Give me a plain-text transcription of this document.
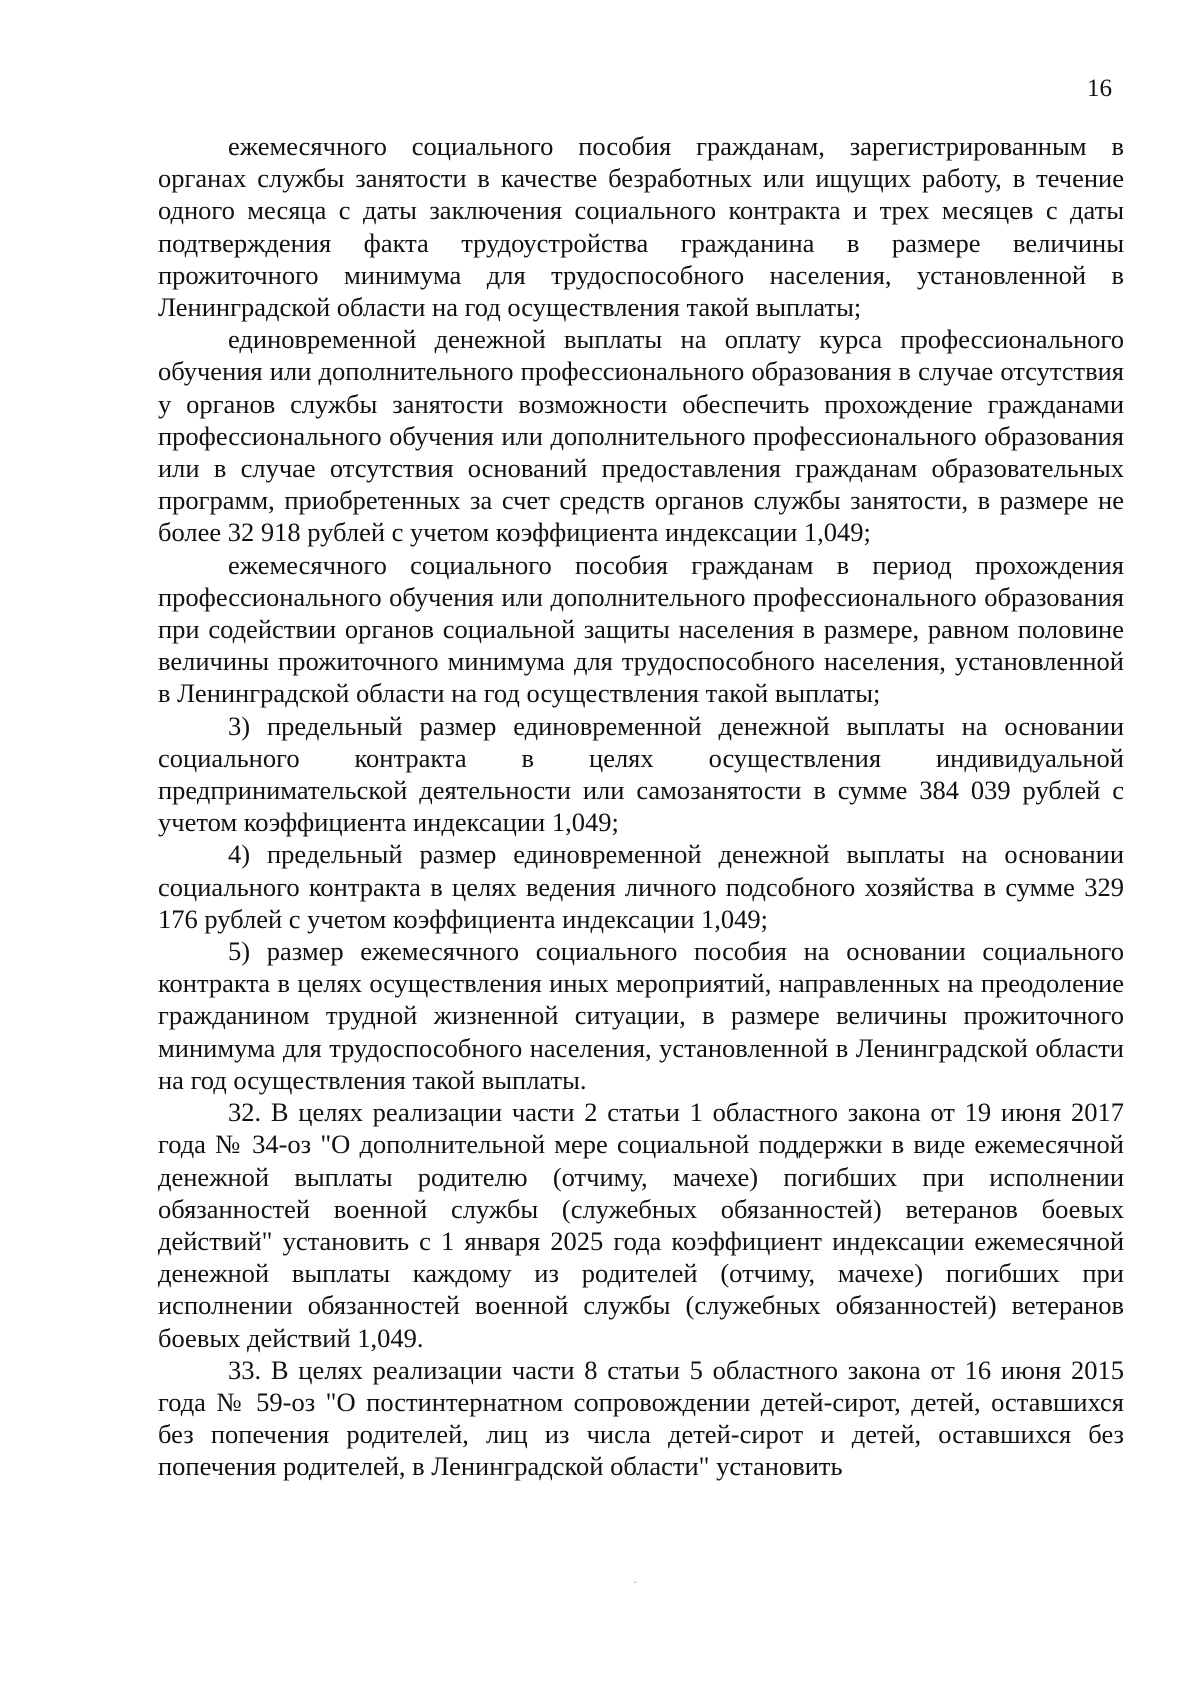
16

ежемесячного социального пособия гражданам, зарегистрированным в органах службы занятости в качестве безработных или ищущих работу, в течение одного месяца с даты заключения социального контракта и трех месяцев с даты подтверждения факта трудоустройства гражданина в размере величины прожиточного минимума для трудоспособного населения, установленной в Ленинградской области на год осуществления такой выплаты;

единовременной денежной выплаты на оплату курса профессионального обучения или дополнительного профессионального образования в случае отсутствия у органов службы занятости возможности обеспечить прохождение гражданами профессионального обучения или дополнительного профессионального образования или в случае отсутствия оснований предоставления гражданам образовательных программ, приобретенных за счет средств органов службы занятости, в размере не более 32 918 рублей с учетом коэффициента индексации 1,049;

ежемесячного социального пособия гражданам в период прохождения профессионального обучения или дополнительного профессионального образования при содействии органов социальной защиты населения в размере, равном половине величины прожиточного минимума для трудоспособного населения, установленной в Ленинградской области на год осуществления такой выплаты;

3) предельный размер единовременной денежной выплаты на основании социального контракта в целях осуществления индивидуальной предпринимательской деятельности или самозанятости в сумме 384 039 рублей с учетом коэффициента индексации 1,049;

4) предельный размер единовременной денежной выплаты на основании социального контракта в целях ведения личного подсобного хозяйства в сумме 329 176 рублей с учетом коэффициента индексации 1,049;

5) размер ежемесячного социального пособия на основании социального контракта в целях осуществления иных мероприятий, направленных на преодоление гражданином трудной жизненной ситуации, в размере величины прожиточного минимума для трудоспособного населения, установленной в Ленинградской области на год осуществления такой выплаты.

32. В целях реализации части 2 статьи 1 областного закона от 19 июня 2017 года № 34-оз "О дополнительной мере социальной поддержки в виде ежемесячной денежной выплаты родителю (отчиму, мачехе) погибших при исполнении обязанностей военной службы (служебных обязанностей) ветеранов боевых действий" установить с 1 января 2025 года коэффициент индексации ежемесячной денежной выплаты каждому из родителей (отчиму, мачехе) погибших при исполнении обязанностей военной службы (служебных обязанностей) ветеранов боевых действий 1,049.

33. В целях реализации части 8 статьи 5 областного закона от 16 июня 2015 года № 59-оз "О постинтернатном сопровождении детей-сирот, детей, оставшихся без попечения родителей, лиц из числа детей-сирот и детей, оставшихся без попечения родителей, в Ленинградской области" установить

·
